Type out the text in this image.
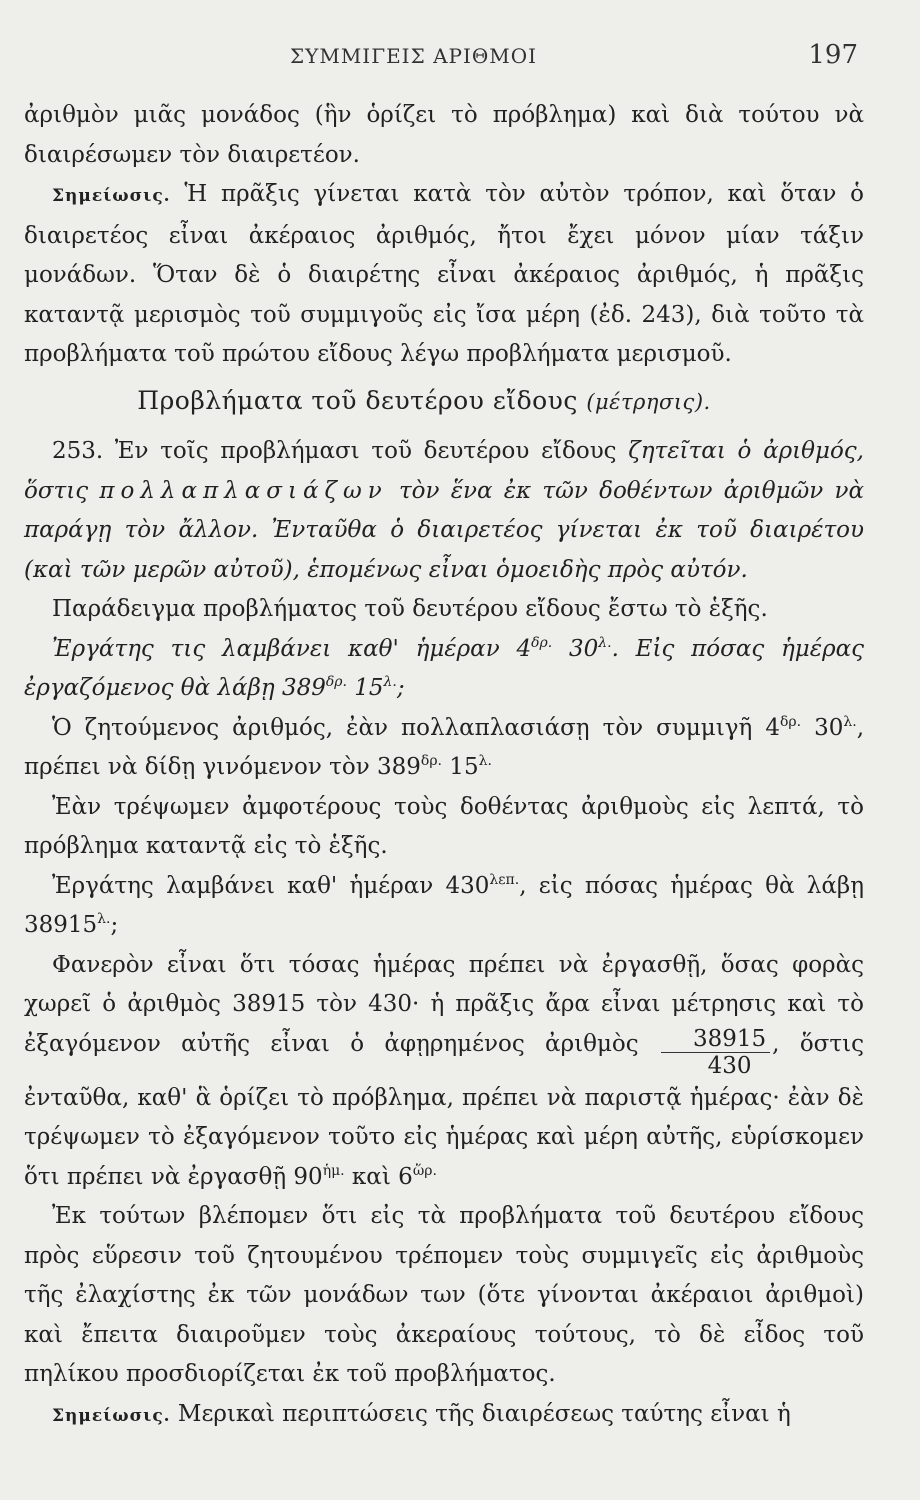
ΣΥΜΜΙΓΕΙΣ ΑΡΙΘΜΟΙ	197

ἀριθμὸν μιᾶς μονάδος (ἣν ὁρίζει τὸ πρόβλημα) καὶ διὰ τούτου νὰ διαιρέσωμεν τὸν διαιρετέον.

Σημείωσις. Ἡ πρᾶξις γίνεται κατὰ τὸν αὐτὸν τρόπον, καὶ ὅταν ὁ διαιρετέος εἶναι ἀκέραιος ἀριθμός, ἤτοι ἔχει μόνον μίαν τάξιν μονάδων. Ὅταν δὲ ὁ διαιρέτης εἶναι ἀκέραιος ἀριθμός, ἡ πρᾶξις καταντᾷ μερισμὸς τοῦ συμμιγοῦς εἰς ἴσα μέρη (ἐδ. 243), διὰ τοῦτο τὰ προβλήματα τοῦ πρώτου εἴδους λέγω προβλήματα μερισμοῦ.

Προβλήματα τοῦ δευτέρου εἴδους (μέτρησις).

253. Ἐν τοῖς προβλήμασι τοῦ δευτέρου εἴδους ζητεῖται ὁ ἀριθμός, ὅστις πολλαπλασιάζων τὸν ἕνα ἐκ τῶν δοθέντων ἀριθμῶν νὰ παράγῃ τὸν ἄλλον. Ἐνταῦθα ὁ διαιρετέος γίνεται ἐκ τοῦ διαιρέτου (καὶ τῶν μερῶν αὐτοῦ), ἑπομένως εἶναι ὁμοειδὴς πρὸς αὐτόν.

Παράδειγμα προβλήματος τοῦ δευτέρου εἴδους ἔστω τὸ ἑξῆς.

Ἐργάτης τις λαμβάνει καθ' ἡμέραν $4^{\delta\rho.}$ $30^{\lambda.}$. Εἰς πόσας ἡμέρας ἐργαζόμενος θὰ λάβῃ $389^{\delta\rho.}$ $15^{\lambda.}$;

Ὁ ζητούμενος ἀριθμός, ἐὰν πολλαπλασιάσῃ τὸν συμμιγῆ $4^{\delta\rho.}$ $30^{\lambda.}$, πρέπει νὰ δίδῃ γινόμενον τὸν $389^{\delta\rho.}$ $15^{\lambda.}$

Ἐὰν τρέψωμεν ἀμφοτέρους τοὺς δοθέντας ἀριθμοὺς εἰς λεπτά, τὸ πρόβλημα καταντᾷ εἰς τὸ ἑξῆς.

Ἐργάτης λαμβάνει καθ' ἡμέραν $430^{\lambda\varepsilon\pi.}$, εἰς πόσας ἡμέρας θὰ λάβῃ $38915^{\lambda.}$;

Φανερὸν εἶναι ὅτι τόσας ἡμέρας πρέπει νὰ ἐργασθῇ, ὅσας φορὰς χωρεῖ ὁ ἀριθμὸς 38915 τὸν 430· ἡ πρᾶξις ἄρα εἶναι μέτρησις καὶ τὸ ἐξαγόμενον αὐτῆς εἶναι ὁ ἀφῃρημένος ἀριθμὸς $\frac{38915}{430}$ , ὅστις ἐνταῦθα, καθ' ἃ ὁρίζει τὸ πρόβλημα, πρέπει νὰ παριστᾷ ἡμέρας· ἐὰν δὲ τρέψωμεν τὸ ἐξαγόμενον τοῦτο εἰς ἡμέρας καὶ μέρη αὐτῆς, εὑρίσκομεν ὅτι πρέπει νὰ ἐργασθῇ $90^{ἡ\mu.}$ καὶ $6^{ὥ\rho.}$

Ἐκ τούτων βλέπομεν ὅτι εἰς τὰ προβλήματα τοῦ δευτέρου εἴδους πρὸς εὕρεσιν τοῦ ζητουμένου τρέπομεν τοὺς συμμιγεῖς εἰς ἀριθμοὺς τῆς ἐλαχίστης ἐκ τῶν μονάδων των (ὅτε γίνονται ἀκέραιοι ἀριθμοὶ) καὶ ἔπειτα διαιροῦμεν τοὺς ἀκεραίους τούτους, τὸ δὲ εἶδος τοῦ πηλίκου προσδιορίζεται ἐκ τοῦ προβλήματος.

Σημείωσις. Μερικαὶ περιπτώσεις τῆς διαιρέσεως ταύτης εἶναι ἡ
